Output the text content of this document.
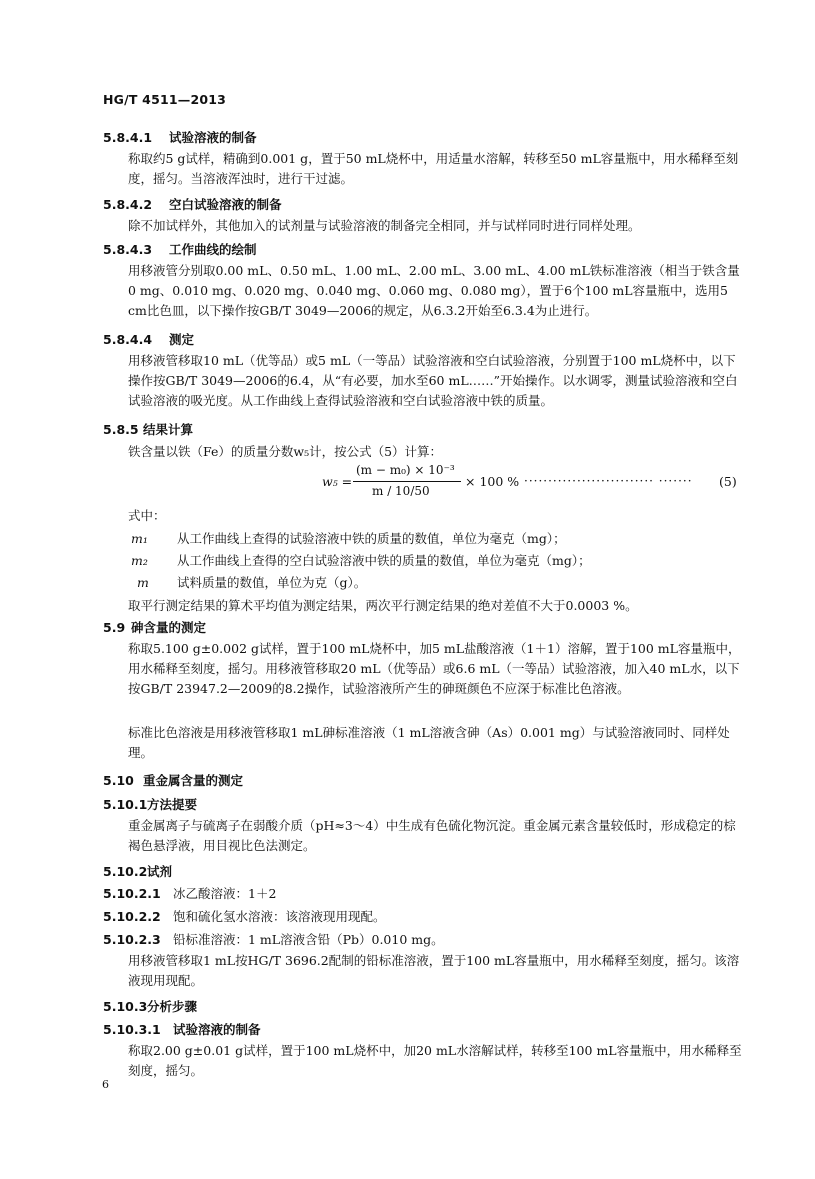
HG/T 4511—2013
5.8.4.1 试验溶液的制备
称取约5 g试样，精确到0.001 g，置于50 mL烧杯中，用适量水溶解，转移至50 mL容量瓶中，用水稀释至刻度，摇匀。当溶液浑浊时，进行干过滤。
5.8.4.2 空白试验溶液的制备
除不加试样外，其他加入的试剂量与试验溶液的制备完全相同，并与试样同时进行同样处理。
5.8.4.3 工作曲线的绘制
用移液管分别取0.00 mL、0.50 mL、1.00 mL、2.00 mL、3.00 mL、4.00 mL铁标准溶液（相当于铁含量0 mg、0.010 mg、0.020 mg、0.040 mg、0.060 mg、0.080 mg），置于6个100 mL容量瓶中，选用5 cm比色皿，以下操作按GB/T 3049—2006的规定，从6.3.2开始至6.3.4为止进行。
5.8.4.4 测定
用移液管移取10 mL（优等品）或5 mL（一等品）试验溶液和空白试验溶液，分别置于100 mL烧杯中，以下操作按GB/T 3049—2006的6.4，从“有必要，加水至60 mL……”开始操作。以水调零，测量试验溶液和空白试验溶液的吸光度。从工作曲线上查得试验溶液和空白试验溶液中铁的质量。
5.8.5 结果计算
铁含量以铁（Fe）的质量分数w₅计，按公式（5）计算：
w₅ =
(m − m₀) × 10⁻³
m / 10/50
× 100 % ··························· ······· (5)
式中：
m₁ 从工作曲线上查得的试验溶液中铁的质量的数值，单位为毫克（mg）；
m₂ 从工作曲线上查得的空白试验溶液中铁的质量的数值，单位为毫克（mg）；
m 试料质量的数值，单位为克（g）。
取平行测定结果的算术平均值为测定结果，两次平行测定结果的绝对差值不大于0.0003 %。
5.9 砷含量的测定
称取5.100 g±0.002 g试样，置于100 mL烧杯中，加5 mL盐酸溶液（1＋1）溶解，置于100 mL容量瓶中，用水稀释至刻度，摇匀。用移液管移取20 mL（优等品）或6.6 mL（一等品）试验溶液，加入40 mL水，以下按GB/T 23947.2—2009的8.2操作，试验溶液所产生的砷斑颜色不应深于标准比色溶液。
标准比色溶液是用移液管移取1 mL砷标准溶液（1 mL溶液含砷（As）0.001 mg）与试验溶液同时、同样处理。
5.10 重金属含量的测定
5.10.1方法提要
重金属离子与硫离子在弱酸介质（pH≈3～4）中生成有色硫化物沉淀。重金属元素含量较低时，形成稳定的棕褐色悬浮液，用目视比色法测定。
5.10.2试剂
5.10.2.1 冰乙酸溶液：1＋2
5.10.2.2 饱和硫化氢水溶液：该溶液现用现配。
5.10.2.3 铅标准溶液：1 mL溶液含铅（Pb）0.010 mg。
用移液管移取1 mL按HG/T 3696.2配制的铅标准溶液，置于100 mL容量瓶中，用水稀释至刻度，摇匀。该溶液现用现配。
5.10.3分析步骤
5.10.3.1 试验溶液的制备
称取2.00 g±0.01 g试样，置于100 mL烧杯中，加20 mL水溶解试样，转移至100 mL容量瓶中，用水稀释至刻度，摇匀。
6
